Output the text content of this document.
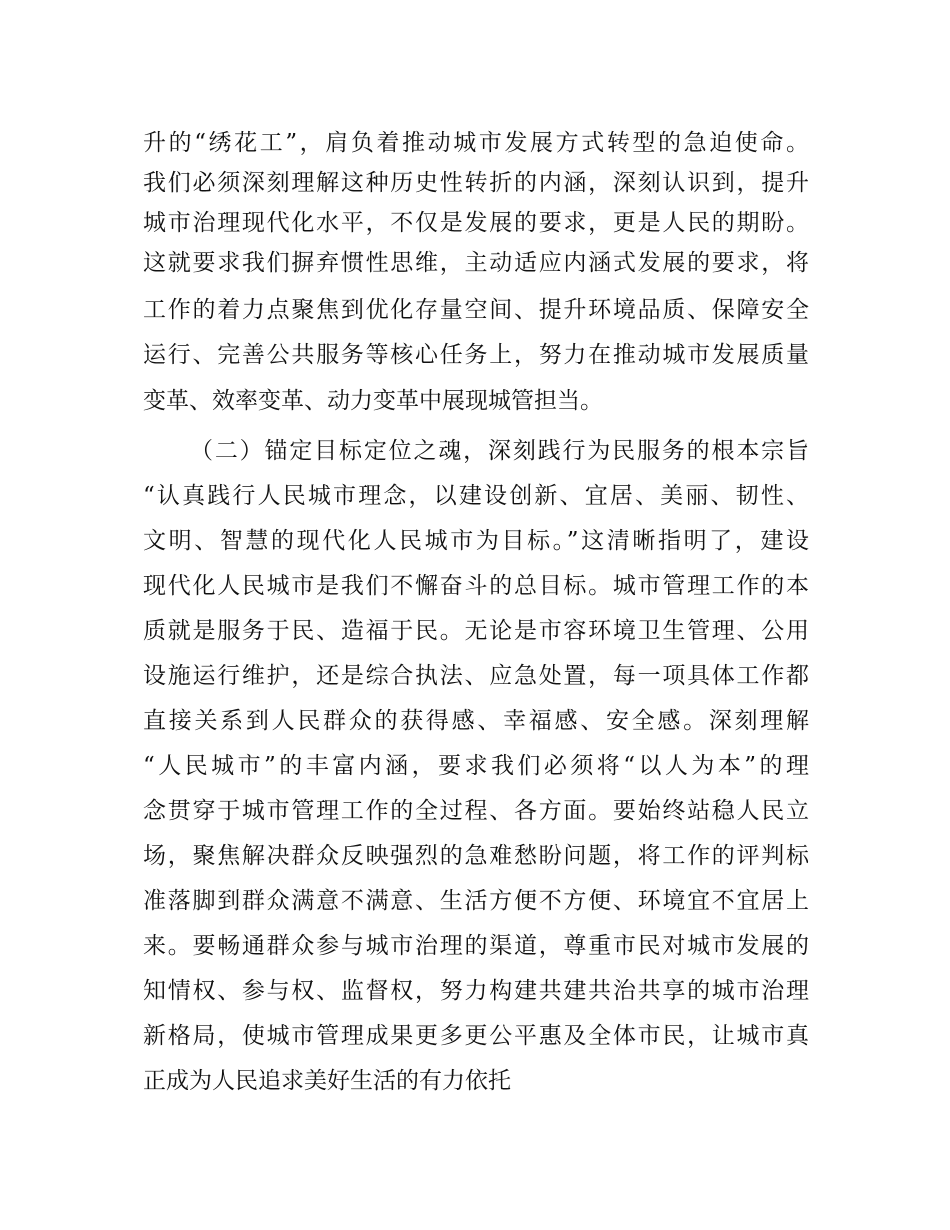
升的“绣花工”，肩负着推动城市发展方式转型的急迫使命。
我们必须深刻理解这种历史性转折的内涵，深刻认识到，提升
城市治理现代化水平，不仅是发展的要求，更是人民的期盼。
这就要求我们摒弃惯性思维，主动适应内涵式发展的要求，将
工作的着力点聚焦到优化存量空间、提升环境品质、保障安全
运行、完善公共服务等核心任务上，努力在推动城市发展质量
变革、效率变革、动力变革中展现城管担当。
（二）锚定目标定位之魂，深刻践行为民服务的根本宗旨
“认真践行人民城市理念，以建设创新、宜居、美丽、韧性、
文明、智慧的现代化人民城市为目标。”这清晰指明了，建设
现代化人民城市是我们不懈奋斗的总目标。城市管理工作的本
质就是服务于民、造福于民。无论是市容环境卫生管理、公用
设施运行维护，还是综合执法、应急处置，每一项具体工作都
直接关系到人民群众的获得感、幸福感、安全感。深刻理解
“人民城市”的丰富内涵，要求我们必须将“以人为本”的理
念贯穿于城市管理工作的全过程、各方面。要始终站稳人民立
场，聚焦解决群众反映强烈的急难愁盼问题，将工作的评判标
准落脚到群众满意不满意、生活方便不方便、环境宜不宜居上
来。要畅通群众参与城市治理的渠道，尊重市民对城市发展的
知情权、参与权、监督权，努力构建共建共治共享的城市治理
新格局，使城市管理成果更多更公平惠及全体市民，让城市真
正成为人民追求美好生活的有力依托
